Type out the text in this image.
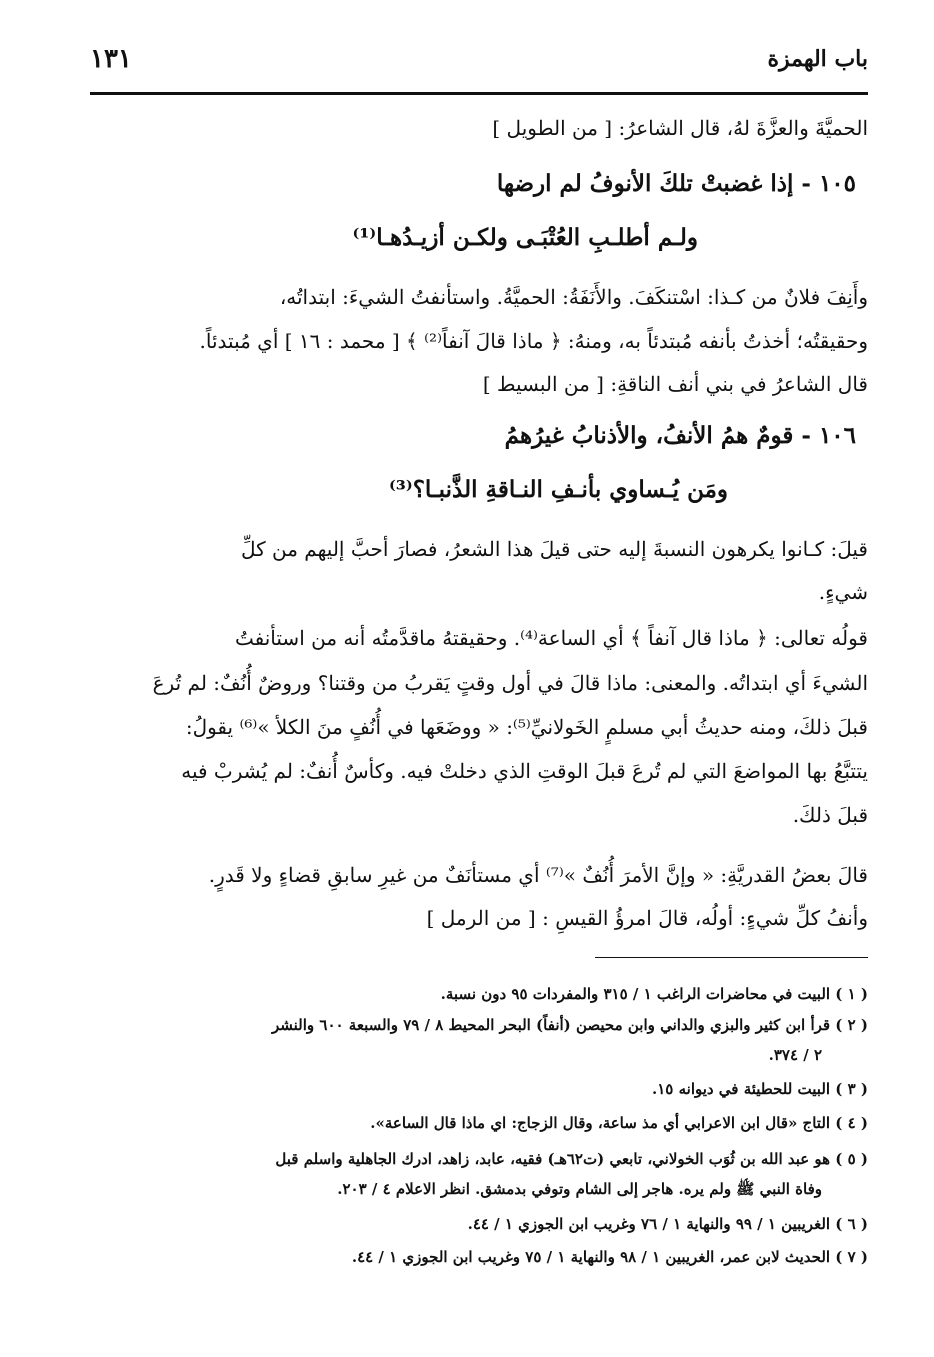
باب الهمزة
١٣١
الحميَّةَ والعزَّةَ لهُ، قال الشاعرُ: [ من الطويل ]
١٠٥ - إذا غضبتْ تلكَ الأنوفُ لم ارضها
ولـم أطلـبِ العُتْبَـى ولكـن أزيـدُهـا⁽¹⁾
وأَنِفَ فلانٌ من كـذا: اسْتنكَفَ. والأَنَفَةُ: الحميَّةُ. واستأنفتُ الشيءَ: ابتداتُه،
وحقيقتُه؛ أخذتُ بأنفه مُبتدئاً به، ومنهُ: ﴿ ماذا قالَ آنفاً⁽²⁾ ﴾ [ محمد : ١٦ ] أي مُبتدئاً.
قال الشاعرُ في بني أنف الناقةِ: [ من البسيط ]
١٠٦ - قومٌ همُ الأنفُ، والأذنابُ غيرُهمُ
ومَن يُـساوي بأنـفِ النـاقةِ الذَّنبـا؟⁽³⁾
قيلَ: كـانوا يكرهون النسبةَ إليه حتى قيلَ هذا الشعرُ، فصارَ أحبَّ إليهم من كلِّ
شيءٍ.
قولُه تعالى: ﴿ ماذا قال آنفاً ﴾ أي الساعة⁽⁴⁾. وحقيقتهُ ماقدَّمتُه أنه من استأنفتُ
الشيءَ أي ابتداتُه. والمعنى: ماذا قالَ في أول وقتٍ يَقربُ من وقتنا؟ وروضٌ أُنُفٌ: لم تُرعَ
قبلَ ذلكَ، ومنه حديثُ أبي مسلمٍ الخَولانيِّ⁽⁵⁾: « ووضَعَها في أُنُفٍ منَ الكلأ »⁽⁶⁾ يقولُ:
يتتبَّعُ بها المواضعَ التي لم تُرعَ قبلَ الوقتِ الذي دخلتْ فيه. وكأسٌ أُنفٌ: لم يُشربْ فيه
قبلَ ذلكَ.
قالَ بعضُ القدريَّةِ: « وإنَّ الأمرَ أُنُفٌ »⁽⁷⁾ أي مستأنَفٌ من غيرِ سابقِ قضاءٍ ولا قَدرٍ.
وأنفُ كلِّ شيءٍ: أولُه، قالَ امرؤُ القيسِ : [ من الرمل ]
( ١ ) البيت في محاضرات الراغب ١ / ٣١٥ والمفردات ٩٥ دون نسبة.
( ٢ ) قرأ ابن كثير والبزي والداني وابن محيصن (أنفاً) البحر المحيط ٨ / ٧٩ والسبعة ٦٠٠ والنشر
٢ / ٣٧٤.
( ٣ ) البيت للحطيئة في ديوانه ١٥.
( ٤ ) التاج «قال ابن الاعرابي أي مذ ساعة، وقال الزجاج: اي ماذا قال الساعة».
( ٥ ) هو عبد الله بن ثُوَب الخولاني، تابعي (ت٦٢هـ) فقيه، عابد، زاهد، ادرك الجاهلية واسلم قبل
وفاة النبي ﷺ ولم يره. هاجر إلى الشام وتوفي بدمشق. انظر الاعلام ٤ / ٢٠٣.
( ٦ ) الغريبين ١ / ٩٩ والنهاية ١ / ٧٦ وغريب ابن الجوزي ١ / ٤٤.
( ٧ ) الحديث لابن عمر، الغريبين ١ / ٩٨ والنهاية ١ / ٧٥ وغريب ابن الجوزي ١ / ٤٤.
